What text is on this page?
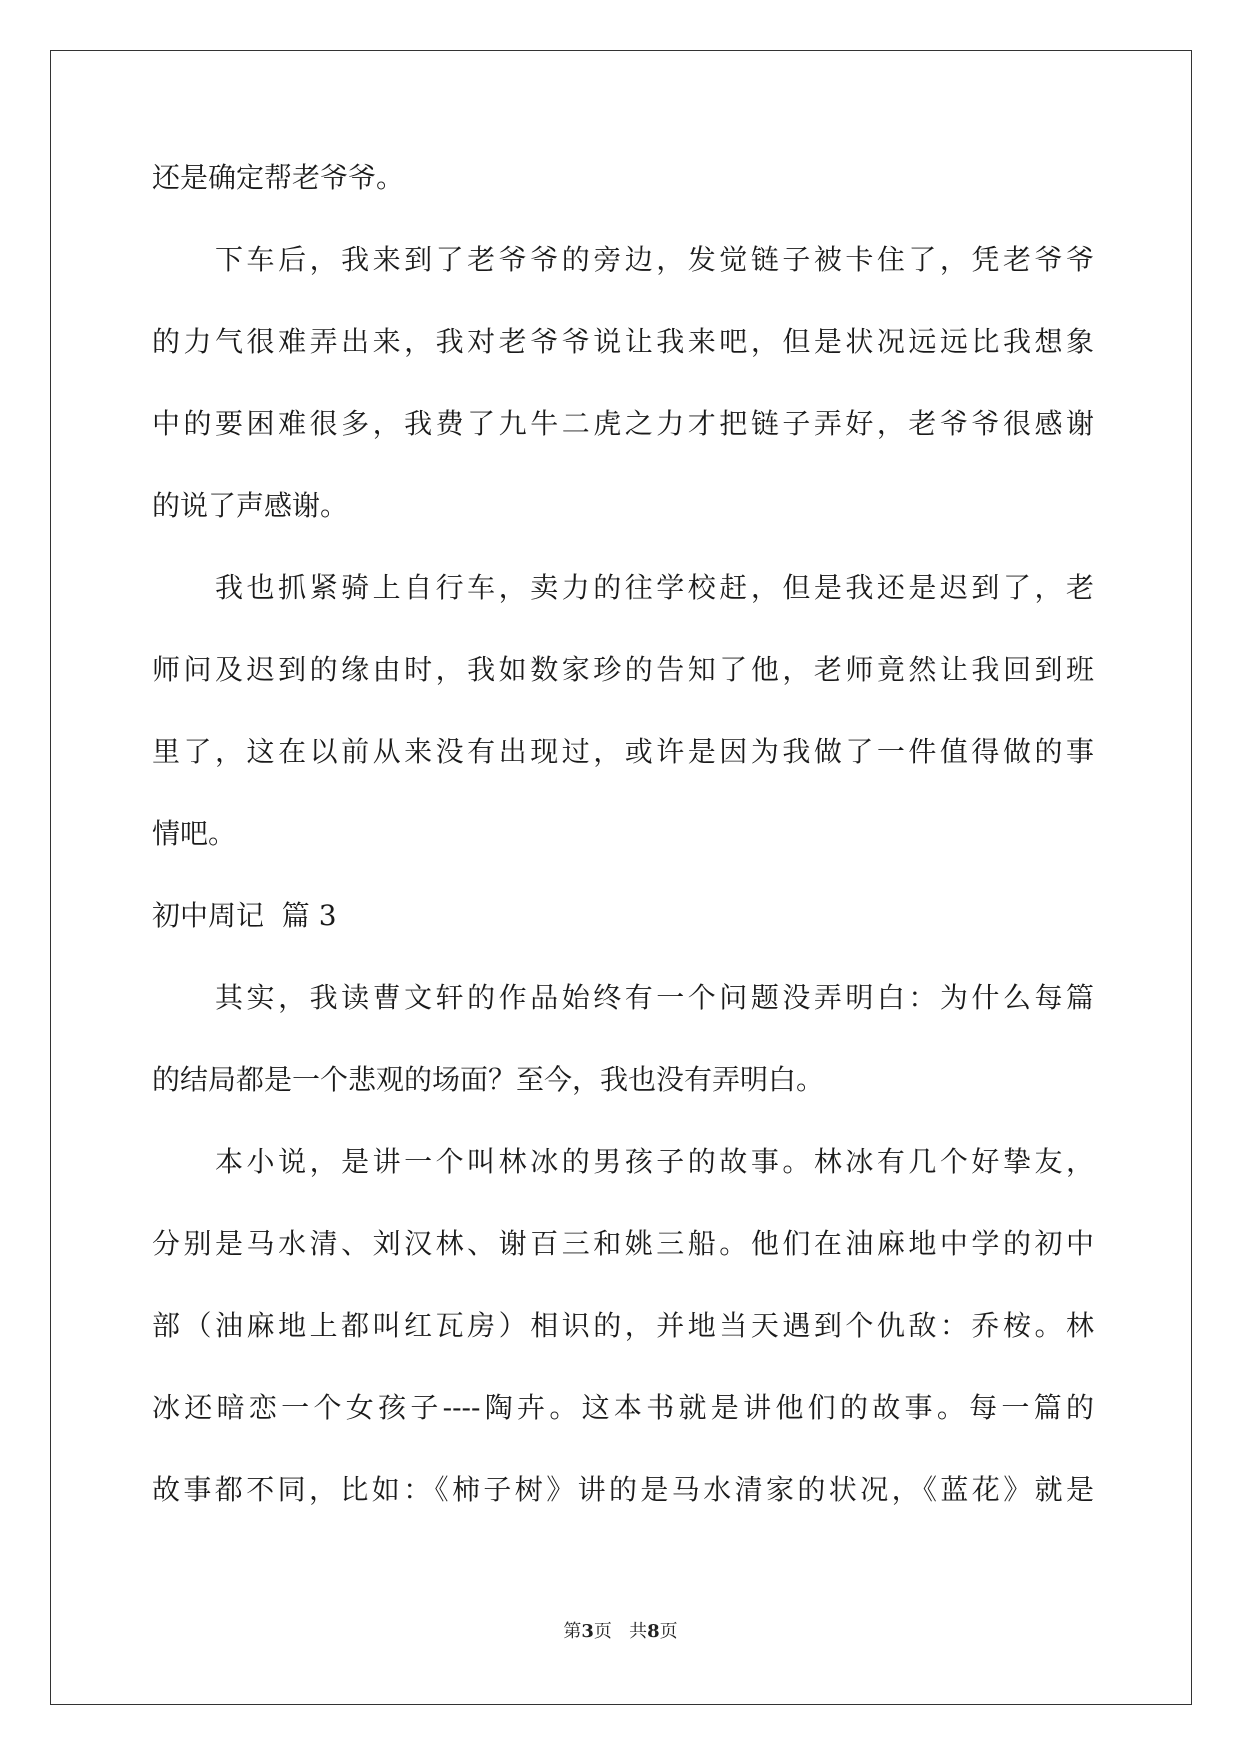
还是确定帮老爷爷。
　　下车后，我来到了老爷爷的旁边，发觉链子被卡住了，凭老爷爷
的力气很难弄出来，我对老爷爷说让我来吧，但是状况远远比我想象
中的要困难很多，我费了九牛二虎之力才把链子弄好，老爷爷很感谢
的说了声感谢。
　　我也抓紧骑上自行车，卖力的往学校赶，但是我还是迟到了，老
师问及迟到的缘由时，我如数家珍的告知了他，老师竟然让我回到班
里了，这在以前从来没有出现过，或许是因为我做了一件值得做的事
情吧。
初中周记  篇 3
　　其实，我读曹文轩的作品始终有一个问题没弄明白：为什么每篇
的结局都是一个悲观的场面？至今，我也没有弄明白。
　　本小说，是讲一个叫林冰的男孩子的故事。林冰有几个好挚友，
分别是马水清、刘汉林、谢百三和姚三船。他们在油麻地中学的初中
部（油麻地上都叫红瓦房）相识的，并地当天遇到个仇敌：乔桉。林
冰还暗恋一个女孩子----陶卉。这本书就是讲他们的故事。每一篇的
故事都不同，比如：《柿子树》讲的是马水清家的状况，《蓝花》就是
第3页   共8页
